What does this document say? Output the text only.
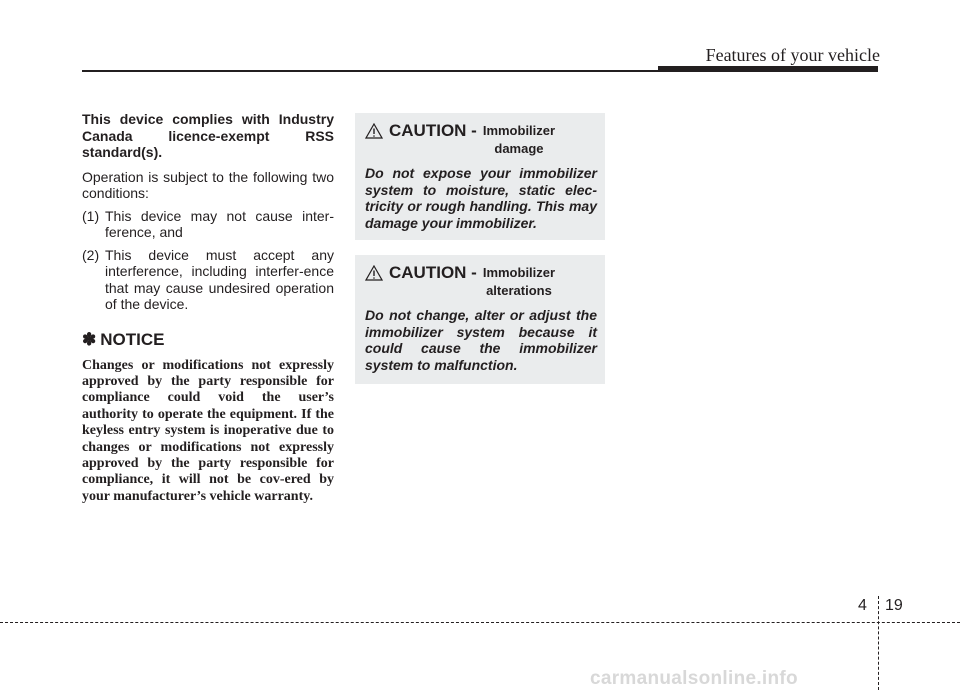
Features of your vehicle

This device complies with Industry Canada licence-exempt RSS standard(s).

Operation is subject to the following two conditions:

(1) This device may not cause inter-ference, and
(2) This device must accept any interference, including interfer-ence that may cause undesired operation of the device.
✽ NOTICE

Changes or modifications not expressly approved by the party responsible for compliance could void the user’s authority to operate the equipment. If the keyless entry system is inoperative due to changes or modifications not expressly approved by the party responsible for compliance, it will not be cov-ered by your manufacturer’s vehicle warranty.

CAUTION - Immobilizer
damage

Do not expose your immobilizer system to moisture, static elec-tricity or rough handling. This may damage your immobilizer.

CAUTION - Immobilizer
alterations

Do not change, alter or adjust the immobilizer system because it could cause the immobilizer system to malfunction.

4 19
carmanualsonline.info
